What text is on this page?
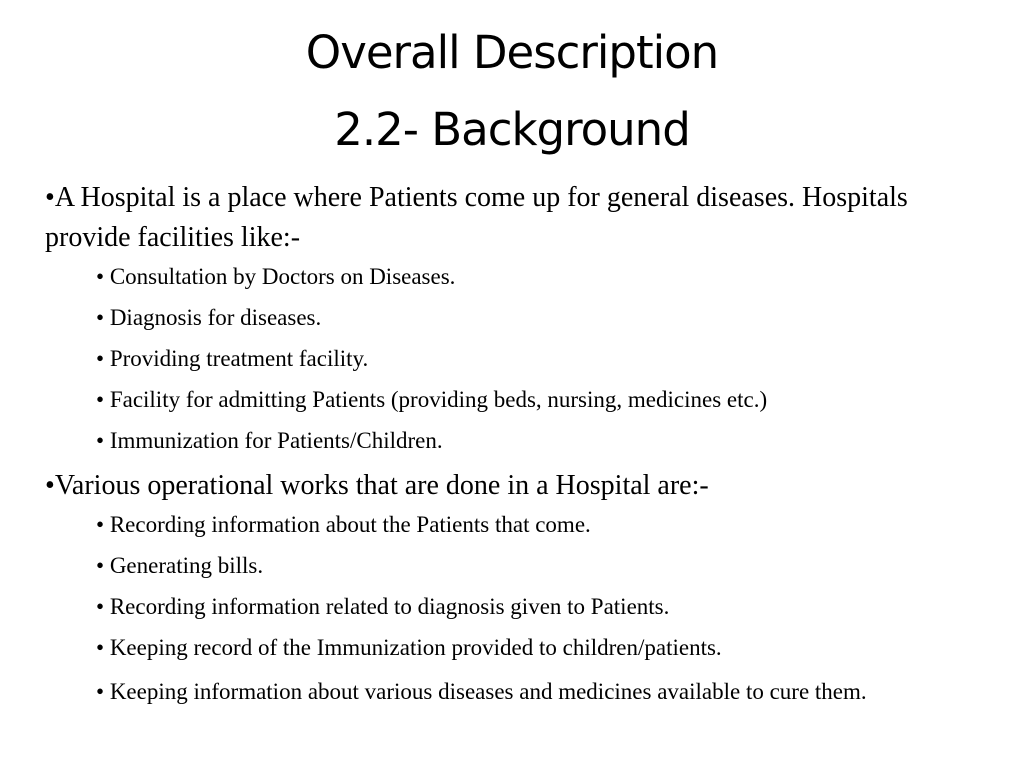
Overall Description
2.2- Background

•A Hospital is a place where Patients come up for general diseases. Hospitals provide facilities like:-

• Consultation by Doctors on Diseases.

• Diagnosis for diseases.

• Providing treatment facility.

• Facility for admitting Patients (providing beds, nursing, medicines etc.)

• Immunization for Patients/Children.

•Various operational works that are done in a Hospital are:-

• Recording information about the Patients that come.

• Generating bills.

• Recording information related to diagnosis given to Patients.

• Keeping record of the Immunization provided to children/patients.

• Keeping information about various diseases and medicines available to cure them.
